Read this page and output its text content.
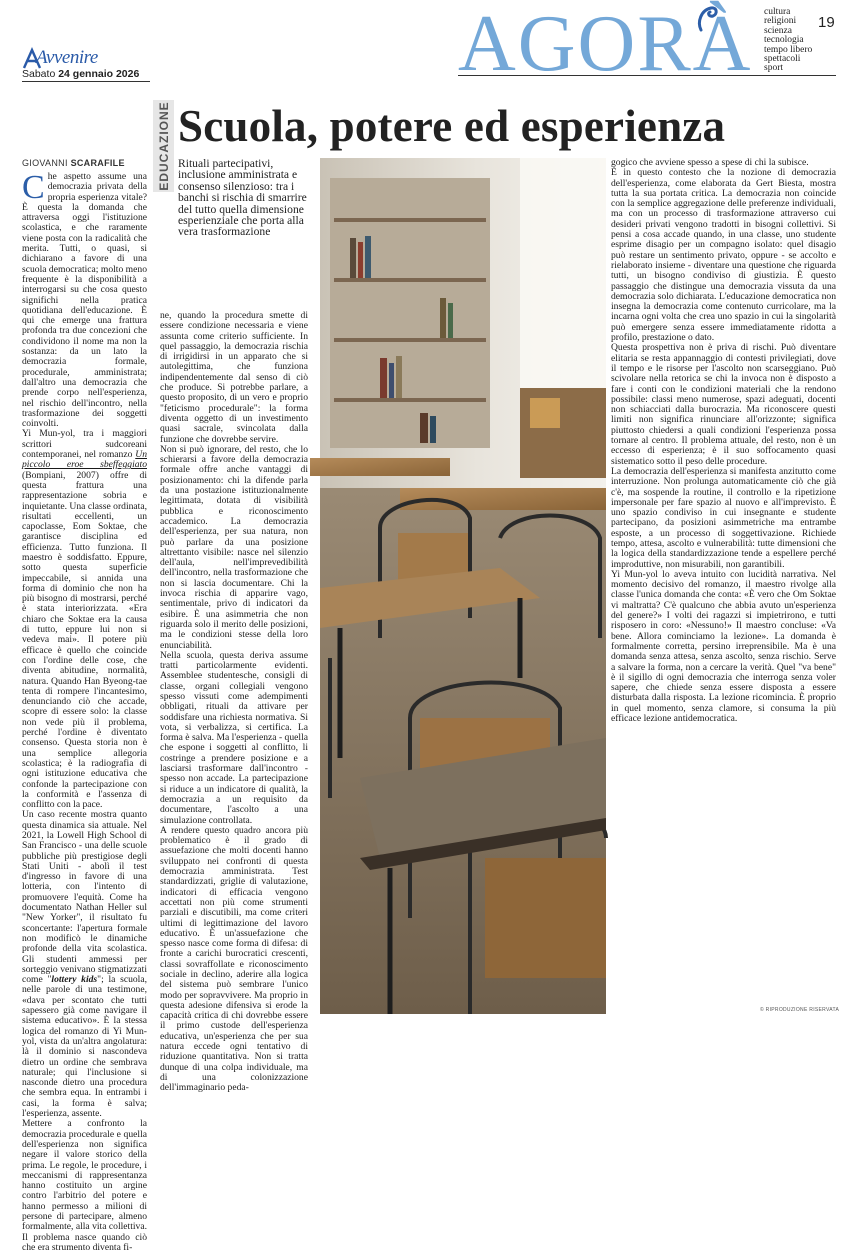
Avvenire
Sabato 24 gennaio 2026	AGORÀ cultura
religioni
scienza
tecnologia
tempo libero
spettacoli
sport
19
EDUCAZIONE Scuola, potere ed esperienza
GIOVANNI SCARAFILE	Rituali partecipativi, inclusione amministrata e consenso silenzioso: tra i banchi si rischia di smarrire del tutto quella dimensione esperienziale che porta alla vera trasformazione

Che aspetto assume una democrazia privata della propria esperienza vitale? È questa la domanda che attraversa oggi l'istituzione scolastica, e che raramente viene posta con la radicalità che merita. Tutti, o quasi, si dichiarano a favore di una scuola democratica; molto meno frequente è la disponibilità a interrogarsi su che cosa questo significhi nella pratica quotidiana dell'educazione. È qui che emerge una frattura profonda tra due concezioni che condividono il nome ma non la sostanza: da un lato la democrazia formale, procedurale, amministrata; dall'altro una democrazia che prende corpo nell'esperienza, nel rischio dell'incontro, nella trasformazione dei soggetti coinvolti.

Yi Mun-yol, tra i maggiori scrittori sudcoreani contemporanei, nel romanzo Un piccolo eroe sbeffeggiato (Bompiani, 2007) offre di questa frattura una rappresentazione sobria e inquietante. Una classe ordinata, risultati eccellenti, un capoclasse, Eom Soktae, che garantisce disciplina ed efficienza. Tutto funziona. Il maestro è soddisfatto. Eppure, sotto questa superficie impeccabile, si annida una forma di dominio che non ha più bisogno di mostrarsi, perché è stata interiorizzata. «Era chiaro che Soktae era la causa di tutto, eppure lui non si vedeva mai». Il potere più efficace è quello che coincide con l'ordine delle cose, che diventa abitudine, normalità, natura. Quando Han Byeong-tae tenta di rompere l'incantesimo, denunciando ciò che accade, scopre di essere solo: la classe non vede più il problema, perché l'ordine è diventato consenso. Questa storia non è una semplice allegoria scolastica; è la radiografia di ogni istituzione educativa che confonde la partecipazione con la conformità e l'assenza di conflitto con la pace.

Un caso recente mostra quanto questa dinamica sia attuale. Nel 2021, la Lowell High School di San Francisco - una delle scuole pubbliche più prestigiose degli Stati Uniti - abolì il test d'ingresso in favore di una lotteria, con l'intento di promuovere l'equità. Come ha documentato Nathan Heller sul "New Yorker", il risultato fu sconcertante: l'apertura formale non modificò le dinamiche profonde della vita scolastica. Gli studenti ammessi per sorteggio venivano stigmatizzati come "lottery kids"; la scuola, nelle parole di una testimone, «dava per scontato che tutti sapessero già come navigare il sistema educativo». È la stessa logica del romanzo di Yi Mun-yol, vista da un'altra angolatura: là il dominio si nascondeva dietro un ordine che sembrava naturale; qui l'inclusione si nasconde dietro una procedura che sembra equa. In entrambi i casi, la forma è salva; l'esperienza, assente.

Mettere a confronto la democrazia procedurale e quella dell'esperienza non significa negare il valore storico della prima. Le regole, le procedure, i meccanismi di rappresentanza hanno costituito un argine contro l'arbitrio del potere e hanno permesso a milioni di persone di partecipare, almeno formalmente, alla vita collettiva. Il problema nasce quando ciò che era strumento diventa fi-

ne, quando la procedura smette di essere condizione necessaria e viene assunta come criterio sufficiente. In quel passaggio, la democrazia rischia di irrigidirsi in un apparato che si autolegittima, che funziona indipendentemente dal senso di ciò che produce. Si potrebbe parlare, a questo proposito, di un vero e proprio "feticismo procedurale": la forma diventa oggetto di un investimento quasi sacrale, svincolata dalla funzione che dovrebbe servire.

Non si può ignorare, del resto, che lo schierarsi a favore della democrazia formale offre anche vantaggi di posizionamento: chi la difende parla da una postazione istituzionalmente legittimata, dotata di visibilità pubblica e riconoscimento accademico. La democrazia dell'esperienza, per sua natura, non può parlare da una posizione altrettanto visibile: nasce nel silenzio dell'aula, nell'imprevedibilità dell'incontro, nella trasformazione che non si lascia documentare. Chi la invoca rischia di apparire vago, sentimentale, privo di indicatori da esibire. È una asimmetria che non riguarda solo il merito delle posizioni, ma le condizioni stesse della loro enunciabilità.

Nella scuola, questa deriva assume tratti particolarmente evidenti. Assemblee studentesche, consigli di classe, organi collegiali vengono spesso vissuti come adempimenti obbligati, rituali da attivare per soddisfare una richiesta normativa. Si vota, si verbalizza, si certifica. La forma è salva. Ma l'esperienza - quella che espone i soggetti al conflitto, li costringe a prendere posizione e a lasciarsi trasformare dall'incontro - spesso non accade. La partecipazione si riduce a un indicatore di qualità, la democrazia a un requisito da documentare, l'ascolto a una simulazione controllata.

A rendere questo quadro ancora più problematico è il grado di assuefazione che molti docenti hanno sviluppato nei confronti di questa democrazia amministrata. Test standardizzati, griglie di valutazione, indicatori di efficacia vengono accettati non più come strumenti parziali e discutibili, ma come criteri ultimi di legittimazione del lavoro educativo. È un'assuefazione che spesso nasce come forma di difesa: di fronte a carichi burocratici crescenti, classi sovraffollate e riconoscimento sociale in declino, aderire alla logica del sistema può sembrare l'unico modo per sopravvivere. Ma proprio in questa adesione difensiva si erode la capacità critica di chi dovrebbe essere il primo custode dell'esperienza educativa, un'esperienza che per sua natura eccede ogni tentativo di riduzione quantitativa. Non si tratta dunque di una colpa individuale, ma di una colonizzazione dell'immaginario peda-

gogico che avviene spesso a spese di chi la subisce.

È in questo contesto che la nozione di democrazia dell'esperienza, come elaborata da Gert Biesta, mostra tutta la sua portata critica. La democrazia non coincide con la semplice aggregazione delle preferenze individuali, ma con un processo di trasformazione attraverso cui desideri privati vengono tradotti in bisogni collettivi. Si pensi a cosa accade quando, in una classe, uno studente esprime disagio per un compagno isolato: quel disagio può restare un sentimento privato, oppure - se accolto e rielaborato insieme - diventare una questione che riguarda tutti, un bisogno condiviso di giustizia. È questo passaggio che distingue una democrazia vissuta da una democrazia solo dichiarata. L'educazione democratica non insegna la democrazia come contenuto curricolare, ma la incarna ogni volta che crea uno spazio in cui la singolarità può emergere senza essere immediatamente ridotta a profilo, prestazione o dato.

Questa prospettiva non è priva di rischi. Può diventare elitaria se resta appannaggio di contesti privilegiati, dove il tempo e le risorse per l'ascolto non scarseggiano. Può scivolare nella retorica se chi la invoca non è disposto a fare i conti con le condizioni materiali che la rendono possibile: classi meno numerose, spazi adeguati, docenti non schiacciati dalla burocrazia. Ma riconoscere questi limiti non significa rinunciare all'orizzonte; significa piuttosto chiedersi a quali condizioni l'esperienza possa tornare al centro. Il problema attuale, del resto, non è un eccesso di esperienza; è il suo soffocamento quasi sistematico sotto il peso delle procedure.

La democrazia dell'esperienza si manifesta anzitutto come interruzione. Non prolunga automaticamente ciò che già c'è, ma sospende la routine, il controllo e la ripetizione impersonale per fare spazio al nuovo e all'imprevisto. È uno spazio condiviso in cui insegnante e studente partecipano, da posizioni asimmetriche ma entrambe esposte, a un processo di soggettivazione. Richiede tempo, attesa, ascolto e vulnerabilità: tutte dimensioni che la logica della standardizzazione tende a espellere perché improduttive, non misurabili, non garantibili.

Yi Mun-yol lo aveva intuito con lucidità narrativa. Nel momento decisivo del romanzo, il maestro rivolge alla classe l'unica domanda che conta: «È vero che Om Soktae vi maltratta? C'è qualcuno che abbia avuto un'esperienza del genere?» I volti dei ragazzi si impietrirono, e tutti risposero in coro: «Nessuno!» Il maestro concluse: «Va bene. Allora cominciamo la lezione». La domanda è formalmente corretta, persino irreprensibile. Ma è una domanda senza attesa, senza ascolto, senza rischio. Serve a salvare la forma, non a cercare la verità. Quel "va bene" è il sigillo di ogni democrazia che interroga senza voler sapere, che chiede senza essere disposta a essere disturbata dalla risposta. La lezione ricomincia. È proprio in quel momento, senza clamore, si consuma la più efficace lezione antidemocratica.

© RIPRODUZIONE RISERVATA
